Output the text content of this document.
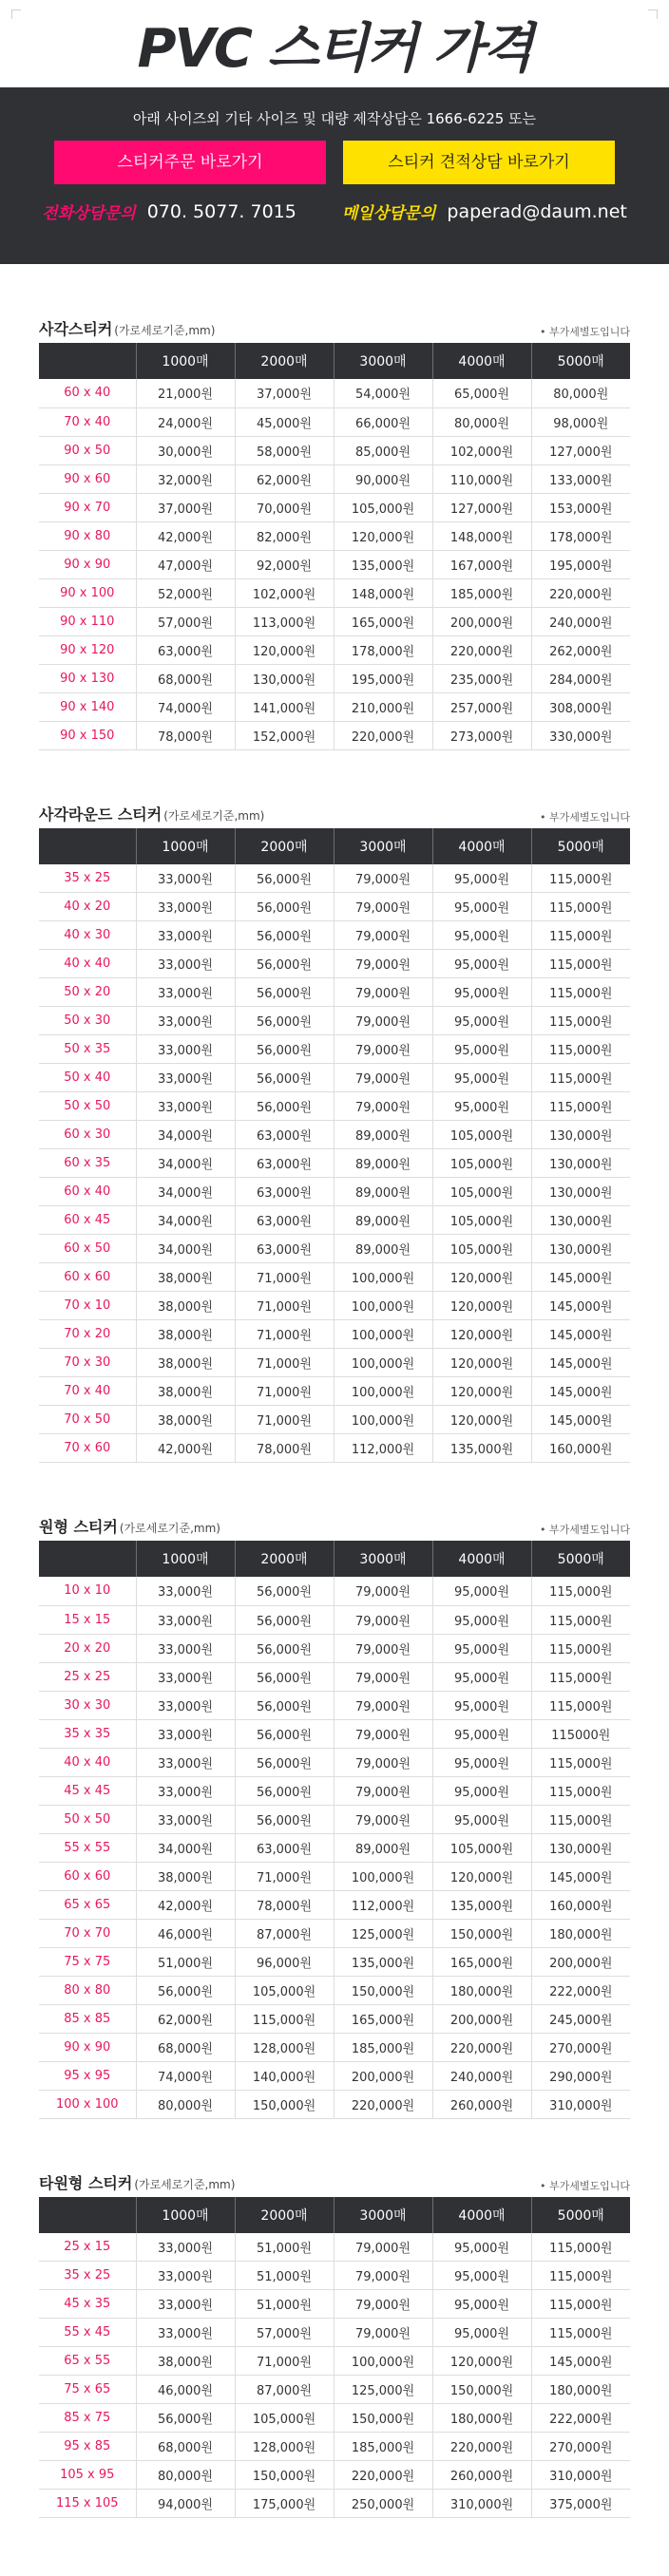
PVC 스티커 가격

아래 사이즈외 기타 사이즈 및 대량 제작상담은 1666-6225 또는

스티커주문 바로가기	스티커 견적상담 바로가기
전화상담문의 070. 5077. 7015	메일상담문의 paperad@daum.net
사각스티커 (가로세로기준,mm)	• 부가세별도입니다
	1000매	2000매	3000매	4000매	5000매
60 x 40	21,000원	37,000원	54,000원	65,000원	80,000원
70 x 40	24,000원	45,000원	66,000원	80,000원	98,000원
90 x 50	30,000원	58,000원	85,000원	102,000원	127,000원
90 x 60	32,000원	62,000원	90,000원	110,000원	133,000원
90 x 70	37,000원	70,000원	105,000원	127,000원	153,000원
90 x 80	42,000원	82,000원	120,000원	148,000원	178,000원
90 x 90	47,000원	92,000원	135,000원	167,000원	195,000원
90 x 100	52,000원	102,000원	148,000원	185,000원	220,000원
90 x 110	57,000원	113,000원	165,000원	200,000원	240,000원
90 x 120	63,000원	120,000원	178,000원	220,000원	262,000원
90 x 130	68,000원	130,000원	195,000원	235,000원	284,000원
90 x 140	74,000원	141,000원	210,000원	257,000원	308,000원
90 x 150	78,000원	152,000원	220,000원	273,000원	330,000원
사각라운드 스티커 (가로세로기준,mm)	• 부가세별도입니다
	1000매	2000매	3000매	4000매	5000매
35 x 25	33,000원	56,000원	79,000원	95,000원	115,000원
40 x 20	33,000원	56,000원	79,000원	95,000원	115,000원
40 x 30	33,000원	56,000원	79,000원	95,000원	115,000원
40 x 40	33,000원	56,000원	79,000원	95,000원	115,000원
50 x 20	33,000원	56,000원	79,000원	95,000원	115,000원
50 x 30	33,000원	56,000원	79,000원	95,000원	115,000원
50 x 35	33,000원	56,000원	79,000원	95,000원	115,000원
50 x 40	33,000원	56,000원	79,000원	95,000원	115,000원
50 x 50	33,000원	56,000원	79,000원	95,000원	115,000원
60 x 30	34,000원	63,000원	89,000원	105,000원	130,000원
60 x 35	34,000원	63,000원	89,000원	105,000원	130,000원
60 x 40	34,000원	63,000원	89,000원	105,000원	130,000원
60 x 45	34,000원	63,000원	89,000원	105,000원	130,000원
60 x 50	34,000원	63,000원	89,000원	105,000원	130,000원
60 x 60	38,000원	71,000원	100,000원	120,000원	145,000원
70 x 10	38,000원	71,000원	100,000원	120,000원	145,000원
70 x 20	38,000원	71,000원	100,000원	120,000원	145,000원
70 x 30	38,000원	71,000원	100,000원	120,000원	145,000원
70 x 40	38,000원	71,000원	100,000원	120,000원	145,000원
70 x 50	38,000원	71,000원	100,000원	120,000원	145,000원
70 x 60	42,000원	78,000원	112,000원	135,000원	160,000원
원형 스티커 (가로세로기준,mm)	• 부가세별도입니다
	1000매	2000매	3000매	4000매	5000매
10 x 10	33,000원	56,000원	79,000원	95,000원	115,000원
15 x 15	33,000원	56,000원	79,000원	95,000원	115,000원
20 x 20	33,000원	56,000원	79,000원	95,000원	115,000원
25 x 25	33,000원	56,000원	79,000원	95,000원	115,000원
30 x 30	33,000원	56,000원	79,000원	95,000원	115,000원
35 x 35	33,000원	56,000원	79,000원	95,000원	115000원
40 x 40	33,000원	56,000원	79,000원	95,000원	115,000원
45 x 45	33,000원	56,000원	79,000원	95,000원	115,000원
50 x 50	33,000원	56,000원	79,000원	95,000원	115,000원
55 x 55	34,000원	63,000원	89,000원	105,000원	130,000원
60 x 60	38,000원	71,000원	100,000원	120,000원	145,000원
65 x 65	42,000원	78,000원	112,000원	135,000원	160,000원
70 x 70	46,000원	87,000원	125,000원	150,000원	180,000원
75 x 75	51,000원	96,000원	135,000원	165,000원	200,000원
80 x 80	56,000원	105,000원	150,000원	180,000원	222,000원
85 x 85	62,000원	115,000원	165,000원	200,000원	245,000원
90 x 90	68,000원	128,000원	185,000원	220,000원	270,000원
95 x 95	74,000원	140,000원	200,000원	240,000원	290,000원
100 x 100	80,000원	150,000원	220,000원	260,000원	310,000원
타원형 스티커 (가로세로기준,mm)	• 부가세별도입니다
	1000매	2000매	3000매	4000매	5000매
25 x 15	33,000원	51,000원	79,000원	95,000원	115,000원
35 x 25	33,000원	51,000원	79,000원	95,000원	115,000원
45 x 35	33,000원	51,000원	79,000원	95,000원	115,000원
55 x 45	33,000원	57,000원	79,000원	95,000원	115,000원
65 x 55	38,000원	71,000원	100,000원	120,000원	145,000원
75 x 65	46,000원	87,000원	125,000원	150,000원	180,000원
85 x 75	56,000원	105,000원	150,000원	180,000원	222,000원
95 x 85	68,000원	128,000원	185,000원	220,000원	270,000원
105 x 95	80,000원	150,000원	220,000원	260,000원	310,000원
115 x 105	94,000원	175,000원	250,000원	310,000원	375,000원
